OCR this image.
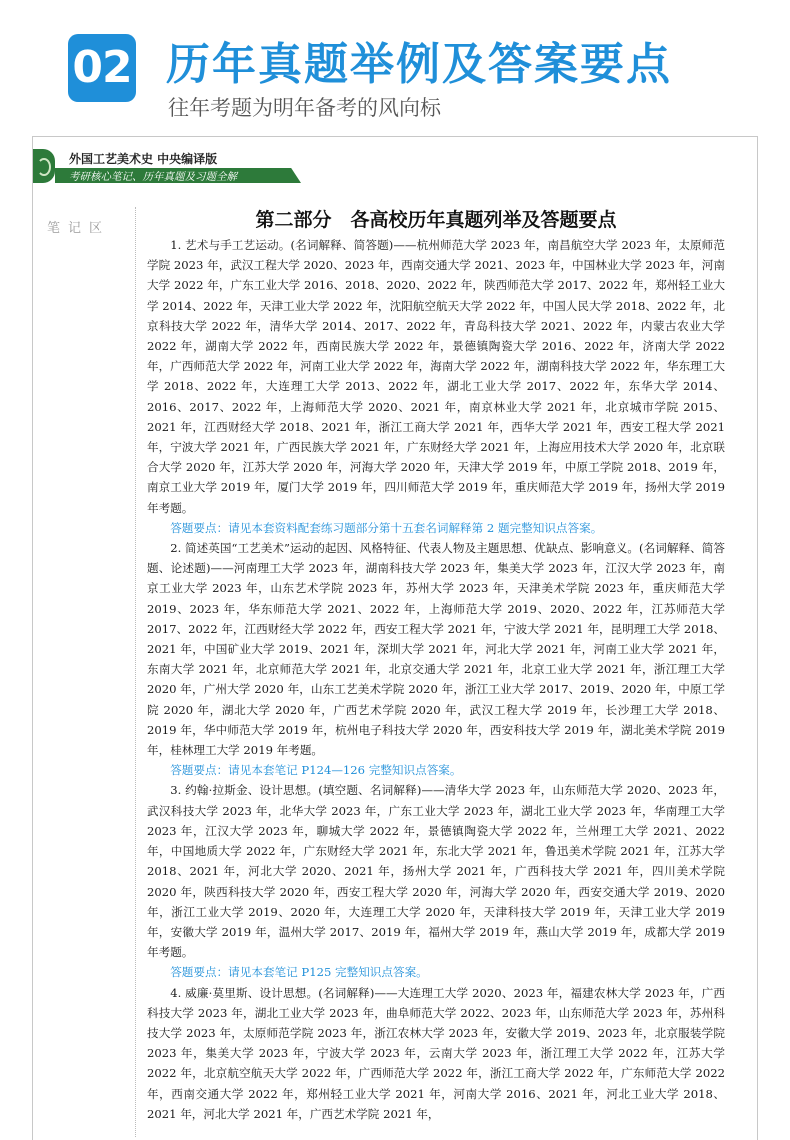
02 历年真题举例及答案要点
往年考题为明年备考的风向标
外国工艺美术史 中央编译版
考研核心笔记、历年真题及习题全解
笔记区	第二部分　各高校历年真题列举及答题要点

1. 艺术与手工艺运动。(名词解释、简答题)——杭州师范大学 2023 年，南昌航空大学 2023 年，太原师范学院 2023 年，武汉工程大学 2020、2023 年，西南交通大学 2021、2023 年，中国林业大学 2023 年，河南大学 2022 年，广东工业大学 2016、2018、2020、2022 年，陕西师范大学 2017、2022 年，郑州轻工业大学 2014、2022 年，天津工业大学 2022 年，沈阳航空航天大学 2022 年，中国人民大学 2018、2022 年，北京科技大学 2022 年，清华大学 2014、2017、2022 年，青岛科技大学 2021、2022 年，内蒙古农业大学 2022 年，湖南大学 2022 年，西南民族大学 2022 年，景德镇陶瓷大学 2016、2022 年，济南大学 2022 年，广西师范大学 2022 年，河南工业大学 2022 年，海南大学 2022 年，湖南科技大学 2022 年，华东理工大学 2018、2022 年，大连理工大学 2013、2022 年，湖北工业大学 2017、2022 年，东华大学 2014、2016、2017、2022 年，上海师范大学 2020、2021 年，南京林业大学 2021 年，北京城市学院 2015、2021 年，江西财经大学 2018、2021 年，浙江工商大学 2021 年，西华大学 2021 年，西安工程大学 2021 年，宁波大学 2021 年，广西民族大学 2021 年，广东财经大学 2021 年，上海应用技术大学 2020 年，北京联合大学 2020 年，江苏大学 2020 年，河海大学 2020 年，天津大学 2019 年，中原工学院 2018、2019 年，南京工业大学 2019 年，厦门大学 2019 年，四川师范大学 2019 年，重庆师范大学 2019 年，扬州大学 2019 年考题。

答题要点：请见本套资料配套练习题部分第十五套名词解释第 2 题完整知识点答案。

2. 简述英国“工艺美术”运动的起因、风格特征、代表人物及主题思想、优缺点、影响意义。(名词解释、简答题、论述题)——河南理工大学 2023 年，湖南科技大学 2023 年，集美大学 2023 年，江汉大学 2023 年，南京工业大学 2023 年，山东艺术学院 2023 年，苏州大学 2023 年，天津美术学院 2023 年，重庆师范大学 2019、2023 年，华东师范大学 2021、2022 年，上海师范大学 2019、2020、2022 年，江苏师范大学 2017、2022 年，江西财经大学 2022 年，西安工程大学 2021 年，宁波大学 2021 年，昆明理工大学 2018、2021 年，中国矿业大学 2019、2021 年，深圳大学 2021 年，河北大学 2021 年，河南工业大学 2021 年，东南大学 2021 年，北京师范大学 2021 年，北京交通大学 2021 年，北京工业大学 2021 年，浙江理工大学 2020 年，广州大学 2020 年，山东工艺美术学院 2020 年，浙江工业大学 2017、2019、2020 年，中原工学院 2020 年，湖北大学 2020 年，广西艺术学院 2020 年，武汉工程大学 2019 年，长沙理工大学 2018、2019 年，华中师范大学 2019 年，杭州电子科技大学 2020 年，西安科技大学 2019 年，湖北美术学院 2019 年，桂林理工大学 2019 年考题。

答题要点：请见本套笔记 P124—126 完整知识点答案。

3. 约翰·拉斯金、设计思想。(填空题、名词解释)——清华大学 2023 年，山东师范大学 2020、2023 年，武汉科技大学 2023 年，北华大学 2023 年，广东工业大学 2023 年，湖北工业大学 2023 年，华南理工大学 2023 年，江汉大学 2023 年，聊城大学 2022 年，景德镇陶瓷大学 2022 年，兰州理工大学 2021、2022 年，中国地质大学 2022 年，广东财经大学 2021 年，东北大学 2021 年，鲁迅美术学院 2021 年，江苏大学 2018、2021 年，河北大学 2020、2021 年，扬州大学 2021 年，广西科技大学 2021 年，四川美术学院 2020 年，陕西科技大学 2020 年，西安工程大学 2020 年，河海大学 2020 年，西安交通大学 2019、2020 年，浙江工业大学 2019、2020 年，大连理工大学 2020 年，天津科技大学 2019 年，天津工业大学 2019 年，安徽大学 2019 年，温州大学 2017、2019 年，福州大学 2019 年，燕山大学 2019 年，成都大学 2019 年考题。

答题要点：请见本套笔记 P125 完整知识点答案。

4. 威廉·莫里斯、设计思想。(名词解释)——大连理工大学 2020、2023 年，福建农林大学 2023 年，广西科技大学 2023 年，湖北工业大学 2023 年，曲阜师范大学 2022、2023 年，山东师范大学 2023 年，苏州科技大学 2023 年，太原师范学院 2023 年，浙江农林大学 2023 年，安徽大学 2019、2023 年，北京服装学院 2023 年，集美大学 2023 年，宁波大学 2023 年，云南大学 2023 年，浙江理工大学 2022 年，江苏大学 2022 年，北京航空航天大学 2022 年，广西师范大学 2022 年，浙江工商大学 2022 年，广东师范大学 2022 年，西南交通大学 2022 年，郑州轻工业大学 2021 年，河南大学 2016、2021 年，河北工业大学 2018、2021 年，河北大学 2021 年，广西艺术学院 2021 年，
